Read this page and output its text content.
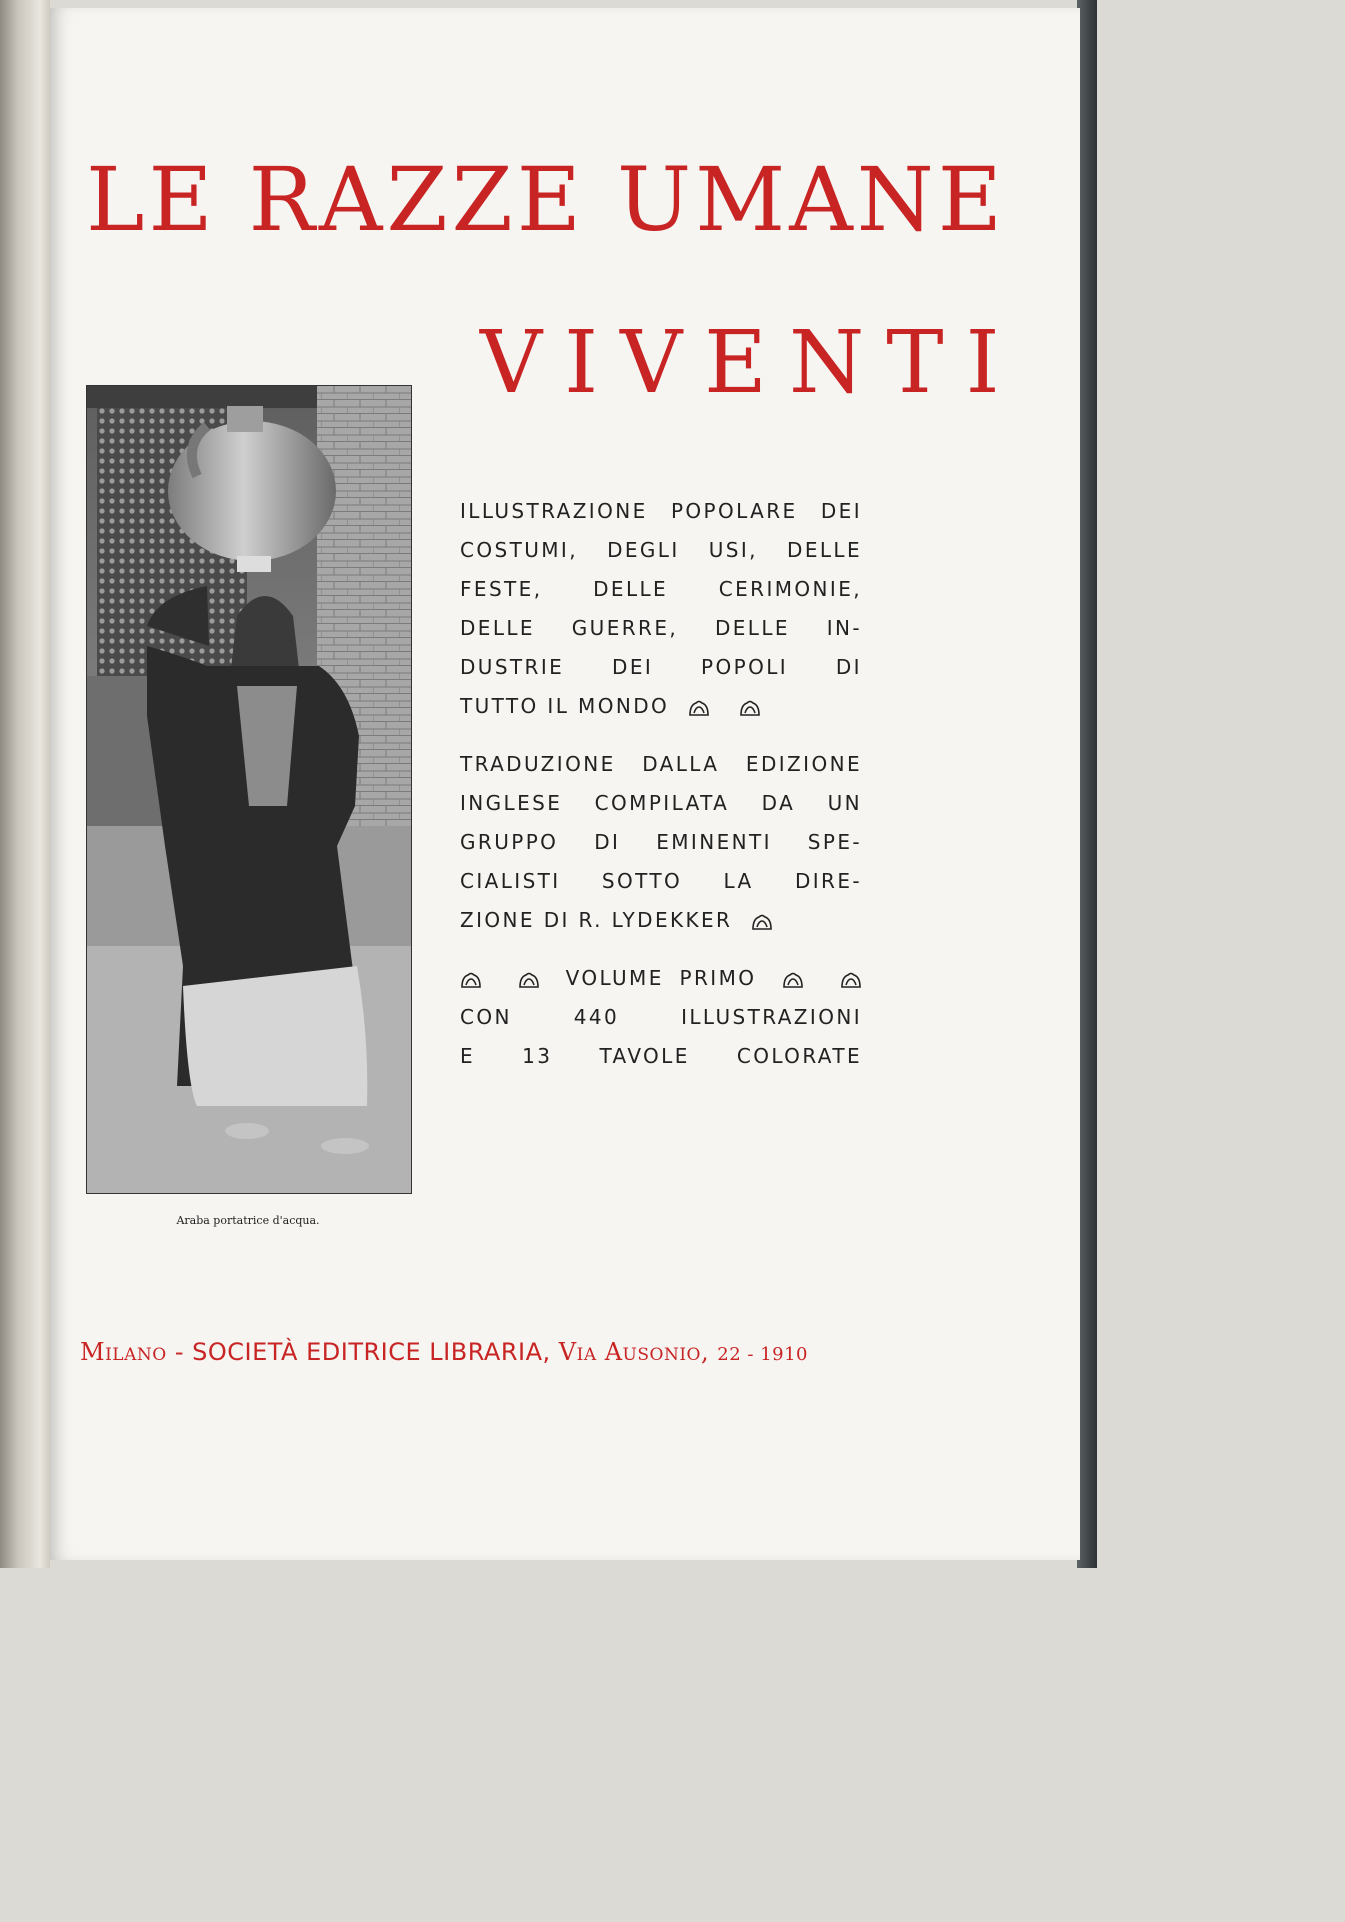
LE RAZZE UMANE
VIVENTI
Araba portatrice d'acqua.

ILLUSTRAZIONE POPOLARE DEI
COSTUMI, DEGLI USI, DELLE
FESTE, DELLE CERIMONIE,
DELLE GUERRE, DELLE IN-
DUSTRIE DEI POPOLI DI
TUTTO IL MONDO

TRADUZIONE DALLA EDIZIONE
INGLESE COMPILATA DA UN
GRUPPO DI EMINENTI SPE-
CIALISTI SOTTO LA DIRE-
ZIONE DI R. LYDEKKER

VOLUME PRIMO
CON 440 ILLUSTRAZIONI
E 13 TAVOLE COLORATE

Milano - SOCIETÀ EDITRICE LIBRARIA, Via Ausonio, 22 - 1910
